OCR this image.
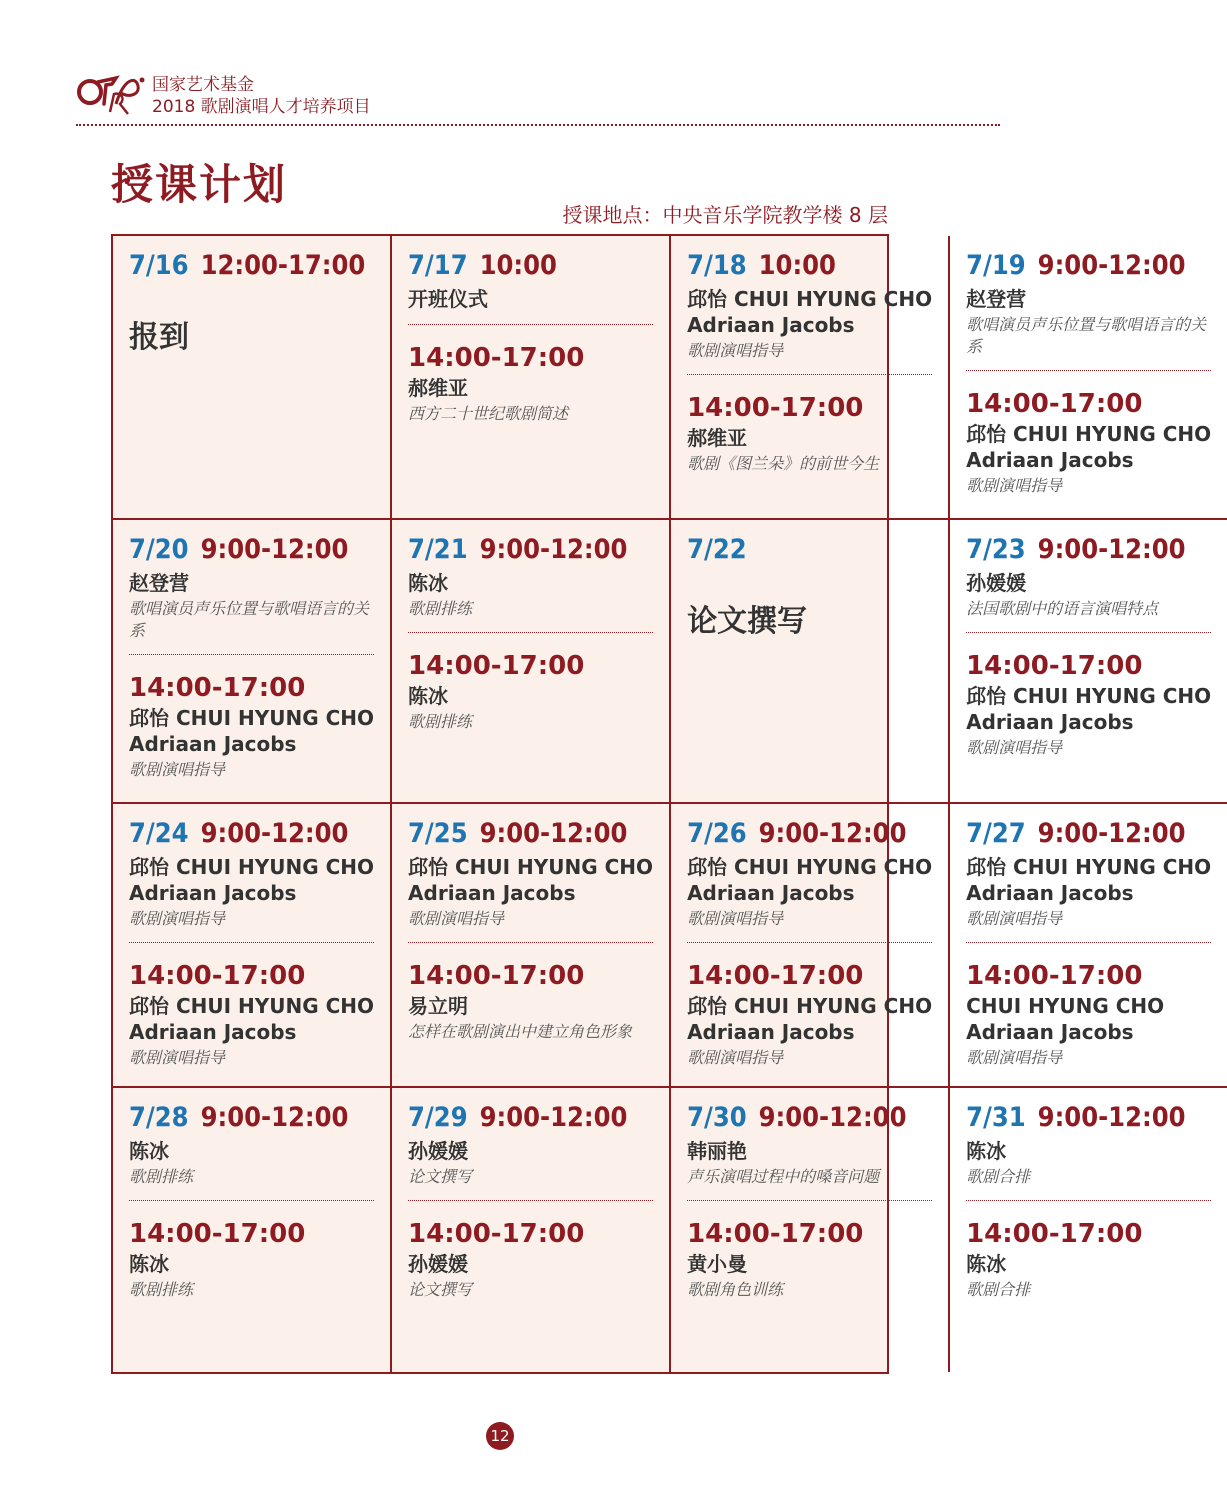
国家艺术基金
2018 歌剧演唱人才培养项目
授课计划
授课地点：中央音乐学院教学楼 8 层
7/16 12:00-17:00
报到
7/17 10:00
开班仪式
14:00-17:00
郝维亚
西方二十世纪歌剧简述
7/18 10:00
邱怡 CHUI HYUNG CHO
Adriaan Jacobs
歌剧演唱指导
14:00-17:00
郝维亚
歌剧《图兰朵》的前世今生
7/19 9:00-12:00
赵登营
歌唱演员声乐位置与歌唱语言的关系
14:00-17:00
邱怡 CHUI HYUNG CHO
Adriaan Jacobs
歌剧演唱指导
7/20 9:00-12:00
赵登营
歌唱演员声乐位置与歌唱语言的关系
14:00-17:00
邱怡 CHUI HYUNG CHO
Adriaan Jacobs
歌剧演唱指导
7/21 9:00-12:00
陈冰
歌剧排练
14:00-17:00
陈冰
歌剧排练
7/22
论文撰写
7/23 9:00-12:00
孙媛媛
法国歌剧中的语言演唱特点
14:00-17:00
邱怡 CHUI HYUNG CHO
Adriaan Jacobs
歌剧演唱指导
7/24 9:00-12:00
邱怡 CHUI HYUNG CHO
Adriaan Jacobs
歌剧演唱指导
14:00-17:00
邱怡 CHUI HYUNG CHO
Adriaan Jacobs
歌剧演唱指导
7/25 9:00-12:00
邱怡 CHUI HYUNG CHO
Adriaan Jacobs
歌剧演唱指导
14:00-17:00
易立明
怎样在歌剧演出中建立角色形象
7/26 9:00-12:00
邱怡 CHUI HYUNG CHO
Adriaan Jacobs
歌剧演唱指导
14:00-17:00
邱怡 CHUI HYUNG CHO
Adriaan Jacobs
歌剧演唱指导
7/27 9:00-12:00
邱怡 CHUI HYUNG CHO
Adriaan Jacobs
歌剧演唱指导
14:00-17:00
CHUI HYUNG CHO
Adriaan Jacobs
歌剧演唱指导
7/28 9:00-12:00
陈冰
歌剧排练
14:00-17:00
陈冰
歌剧排练
7/29 9:00-12:00
孙媛媛
论文撰写
14:00-17:00
孙媛媛
论文撰写
7/30 9:00-12:00
韩丽艳
声乐演唱过程中的嗓音问题
14:00-17:00
黄小曼
歌剧角色训练
7/31 9:00-12:00
陈冰
歌剧合排
14:00-17:00
陈冰
歌剧合排
12
